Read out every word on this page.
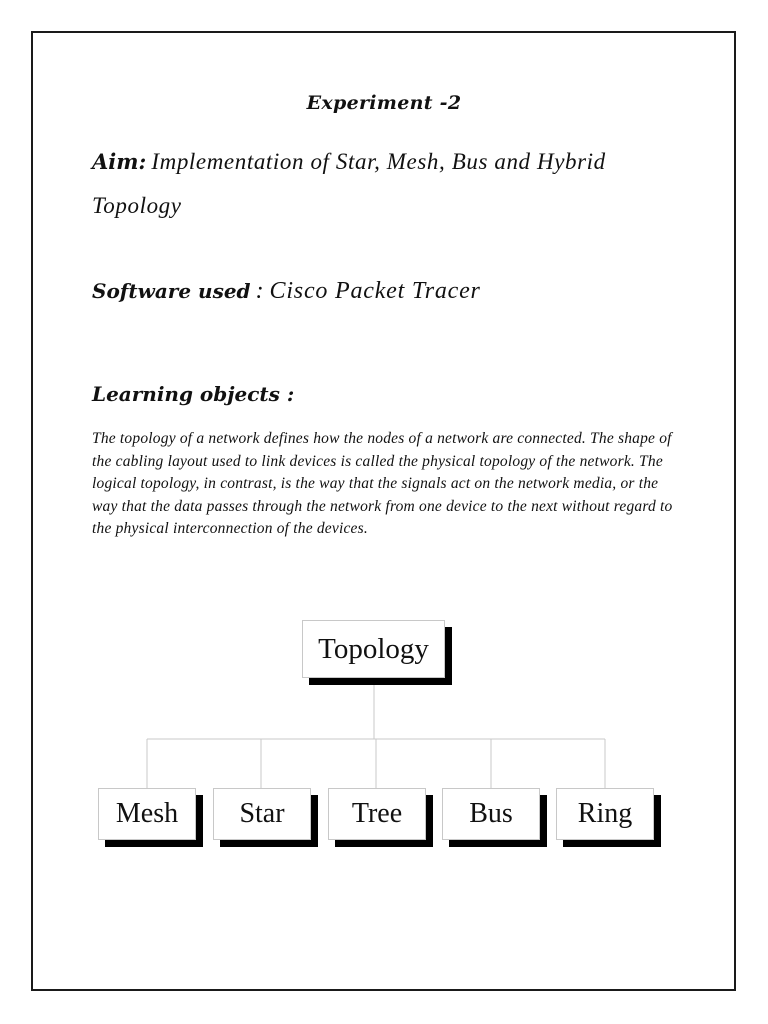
Experiment -2
Aim: Implementation of Star, Mesh, Bus and Hybrid Topology
Software used : Cisco Packet Tracer
Learning objects :
The topology of a network defines how the nodes of a network are connected. The shape of the cabling layout used to link devices is called the physical topology of the network. The logical topology, in contrast, is the way that the signals act on the network media, or the way that the data passes through the network from one device to the next without regard to the physical interconnection of the devices.
Topology
Mesh	Star	Tree	Bus	Ring
